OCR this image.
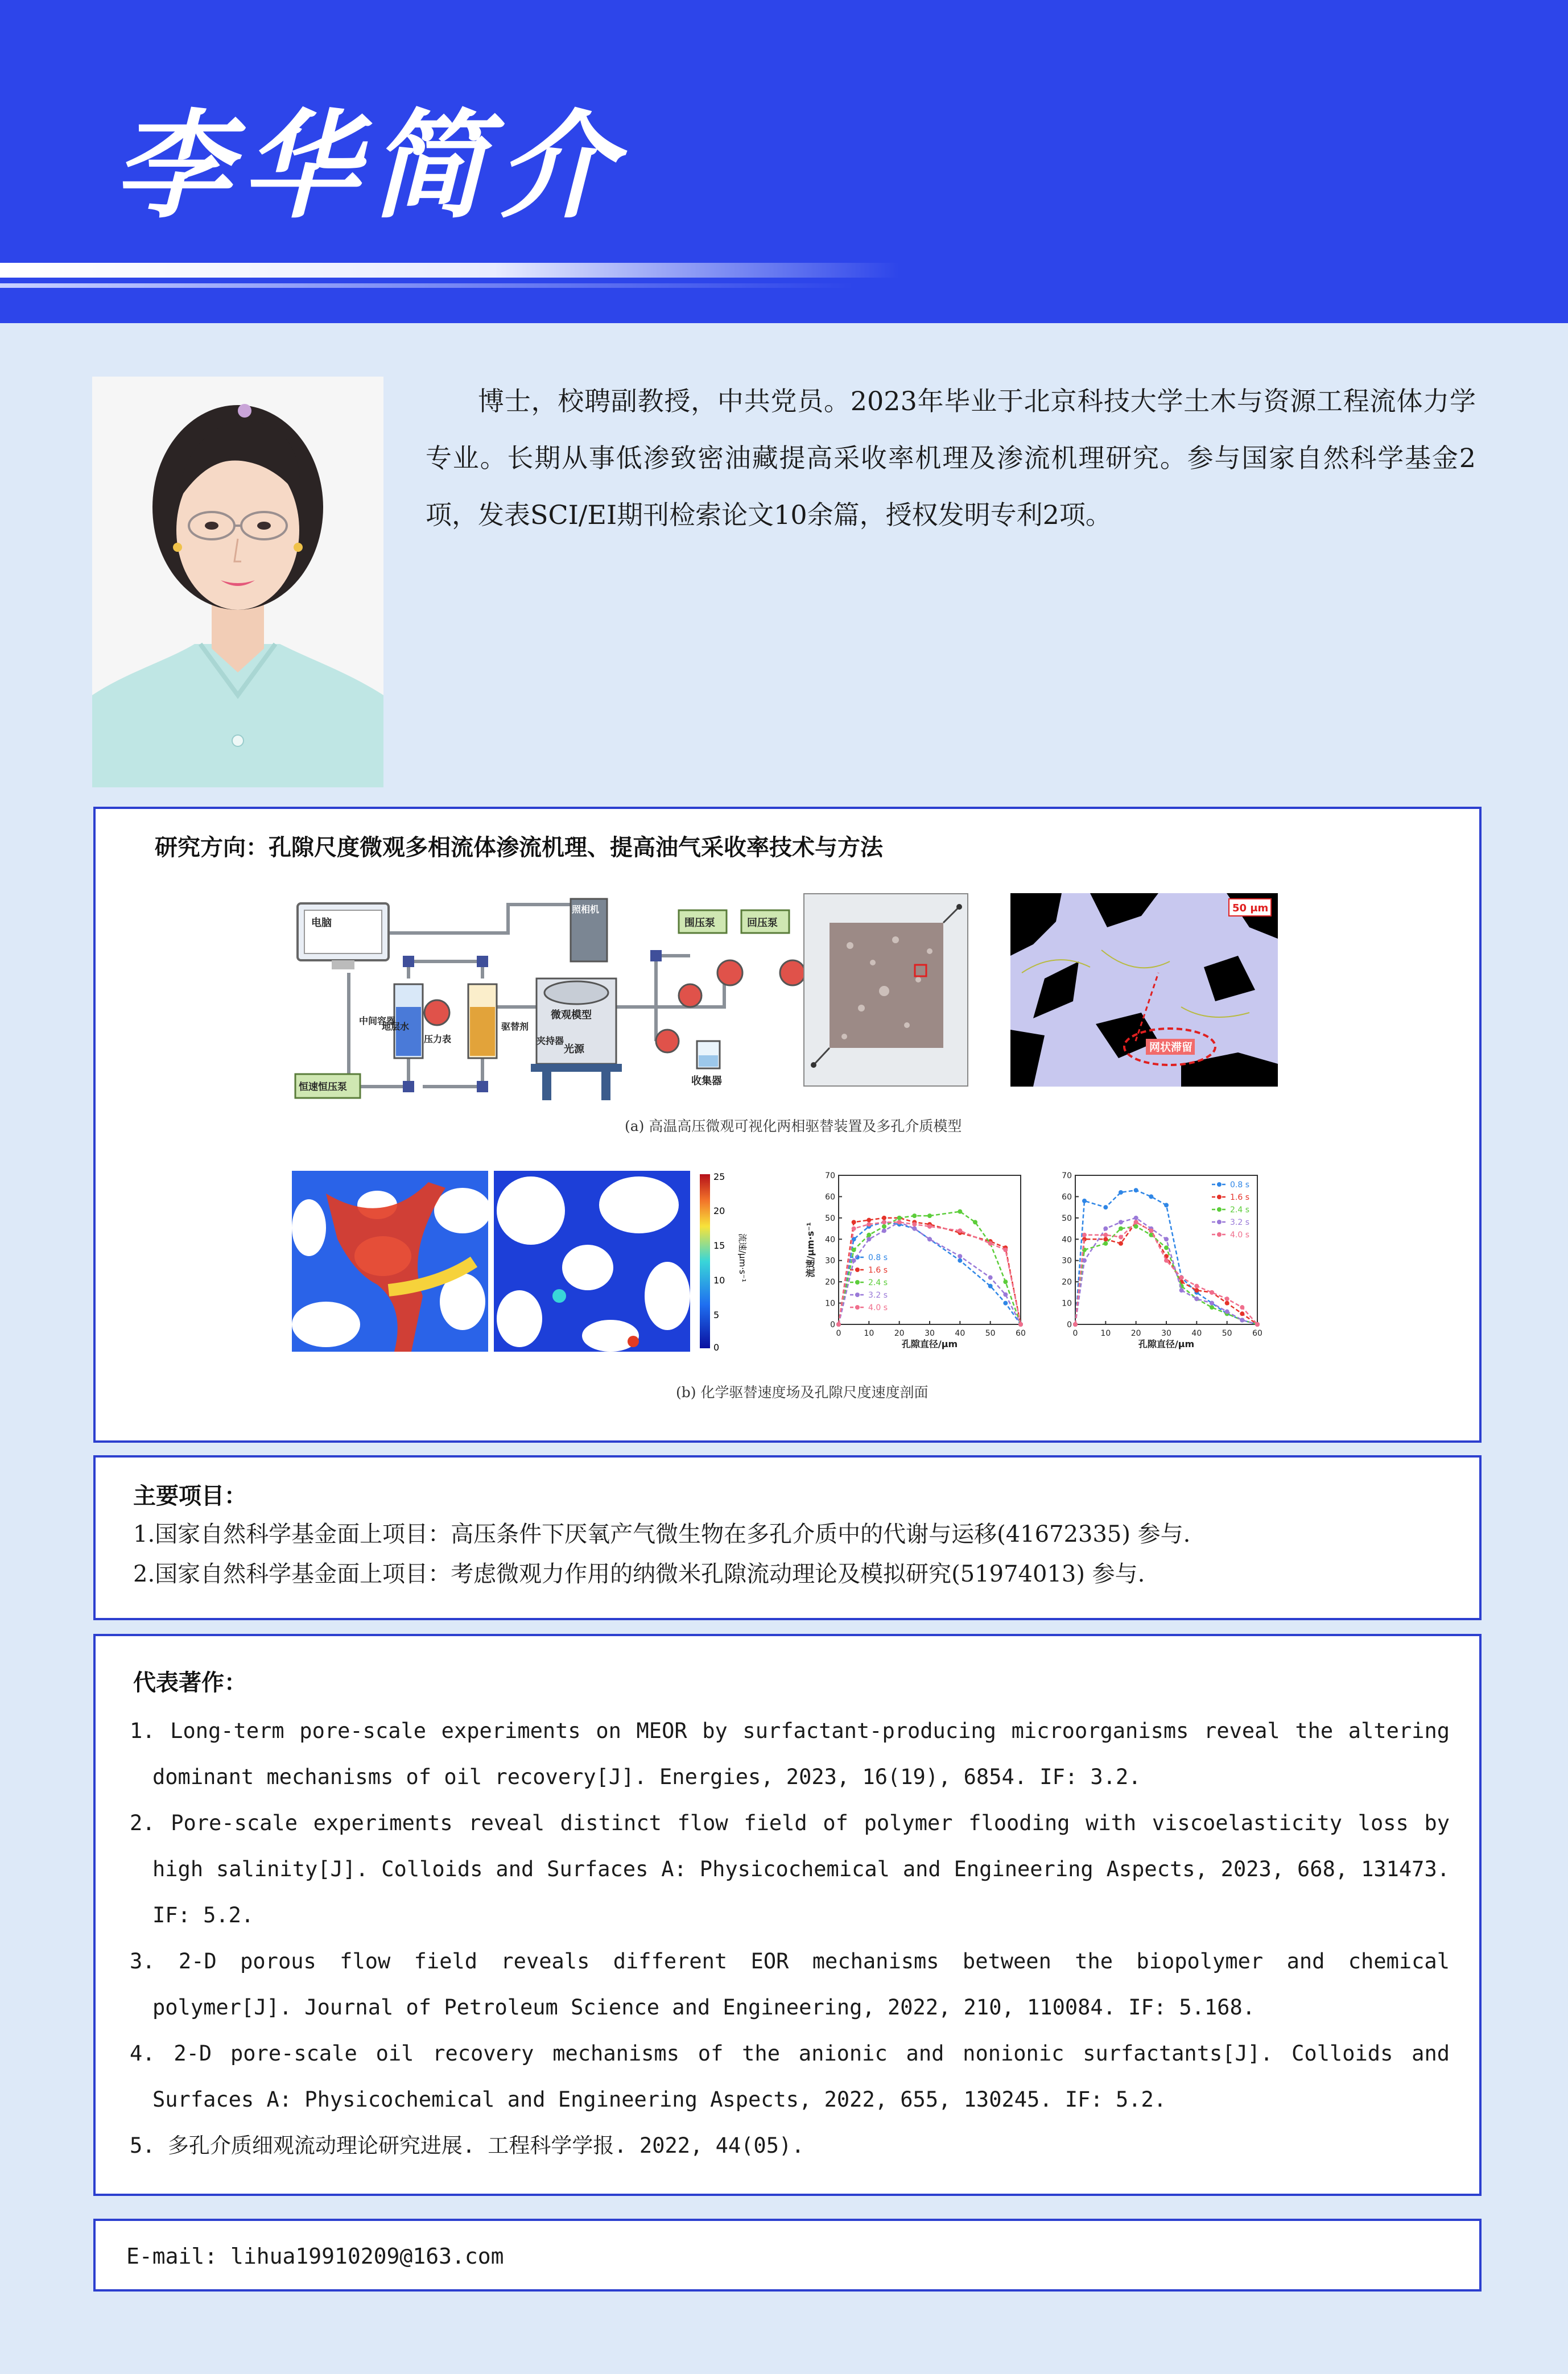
李华简介

博士，校聘副教授，中共党员。2023年毕业于北京科技大学土木与资源工程流体力学专业。长期从事低渗致密油藏提高采收率机理及渗流机理研究。参与国家自然科学基金2项，发表SCI/EI期刊检索论文10余篇，授权发明专利2项。

研究方向：孔隙尺度微观多相流体渗流机理、提高油气采收率技术与方法
电脑
照相机
围压泵	回压泵
压力表
地层水	驱替剂
中间容器	微观模型
光源
夹持器
收集器
恒速恒压泵
网状滞留
50 μm
(a) 高温高压微观可视化两相驱替装置及多孔介质模型
25
20
15
10
5
0
流速/μm·s⁻¹
0	10	20	30	40	50	60
0
10
20
30
40
50
60
70
孔隙直径/μm
流速/μm·s⁻¹	0.8 s
1.6 s
2.4 s
3.2 s
4.0 s
0	10	20	30	40	50	60
0
10
20
30
40
50
60
70
孔隙直径/μm
0.8 s
1.6 s
2.4 s
3.2 s
4.0 s
(b) 化学驱替速度场及孔隙尺度速度剖面
主要项目：
1.国家自然科学基金面上项目：高压条件下厌氧产气微生物在多孔介质中的代谢与运移(41672335) 参与.
2.国家自然科学基金面上项目：考虑微观力作用的纳微米孔隙流动理论及模拟研究(51974013) 参与.
代表著作：
1. Long-term pore-scale experiments on MEOR by surfactant-producing microorganisms reveal the altering dominant mechanisms of oil recovery[J]. Energies, 2023, 16(19), 6854. IF: 3.2.
2. Pore-scale experiments reveal distinct flow field of polymer flooding with viscoelasticity loss by high salinity[J]. Colloids and Surfaces A: Physicochemical and Engineering Aspects, 2023, 668, 131473. IF: 5.2.
3. 2-D porous flow field reveals different EOR mechanisms between the biopolymer and chemical polymer[J]. Journal of Petroleum Science and Engineering, 2022, 210, 110084. IF: 5.168.
4. 2-D pore-scale oil recovery mechanisms of the anionic and nonionic surfactants[J]. Colloids and Surfaces A: Physicochemical and Engineering Aspects, 2022, 655, 130245. IF: 5.2.
5. 多孔介质细观流动理论研究进展. 工程科学学报. 2022, 44(05).
E-mail: lihua19910209@163.com
